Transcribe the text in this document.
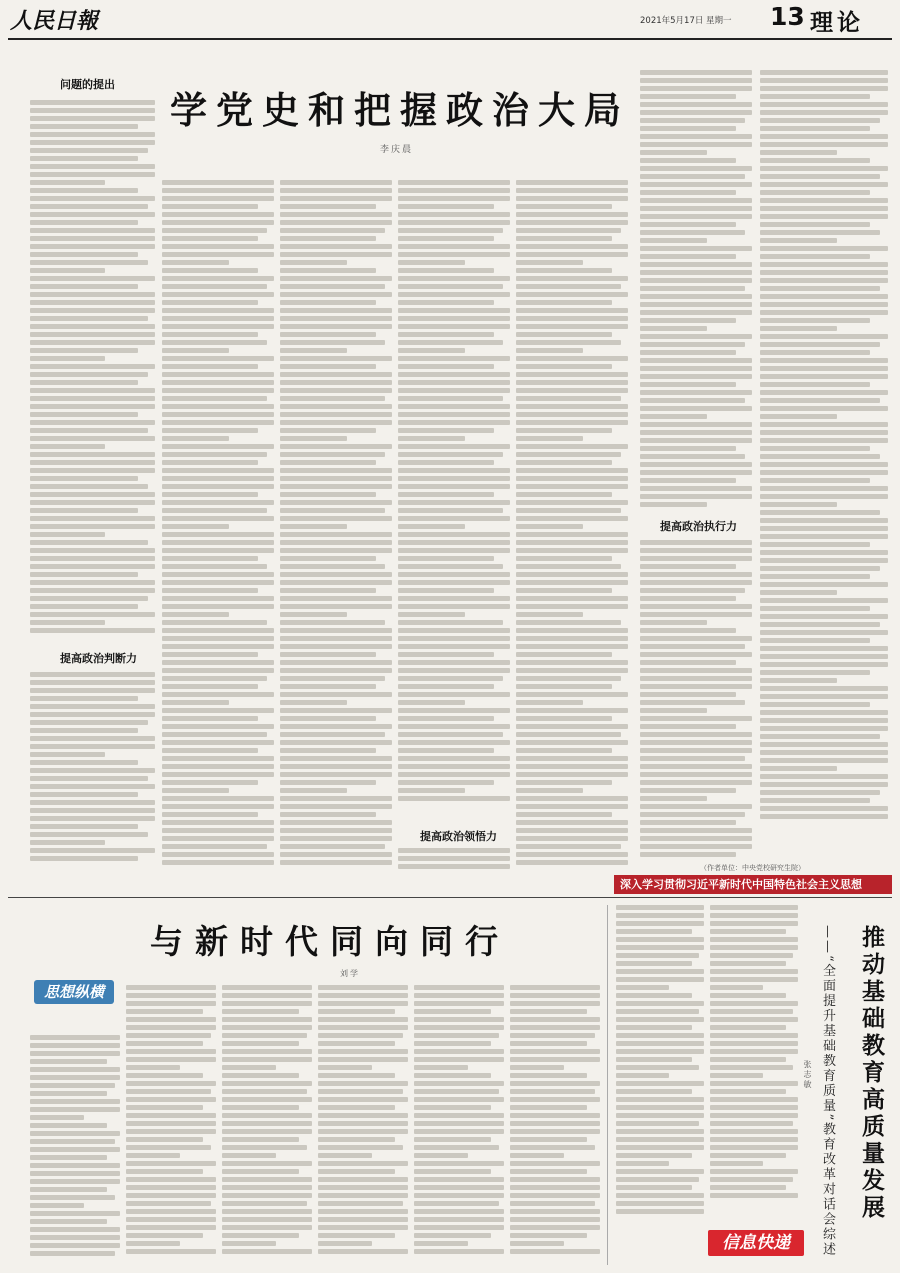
人民日報	2021年5月17日 星期一 13 理论
学党史和把握政治大局
李庆晨
问题的提出
提高政治判断力
提高政治领悟力
提高政治执行力
（作者单位：中央党校研究生院）
深入学习贯彻习近平新时代中国特色社会主义思想
与新时代同向同行
刘学
思想纵横	推动基础教育高质量发展
——“全面提升基础教育质量”教育改革对话会综述
张志敏
信息快递
